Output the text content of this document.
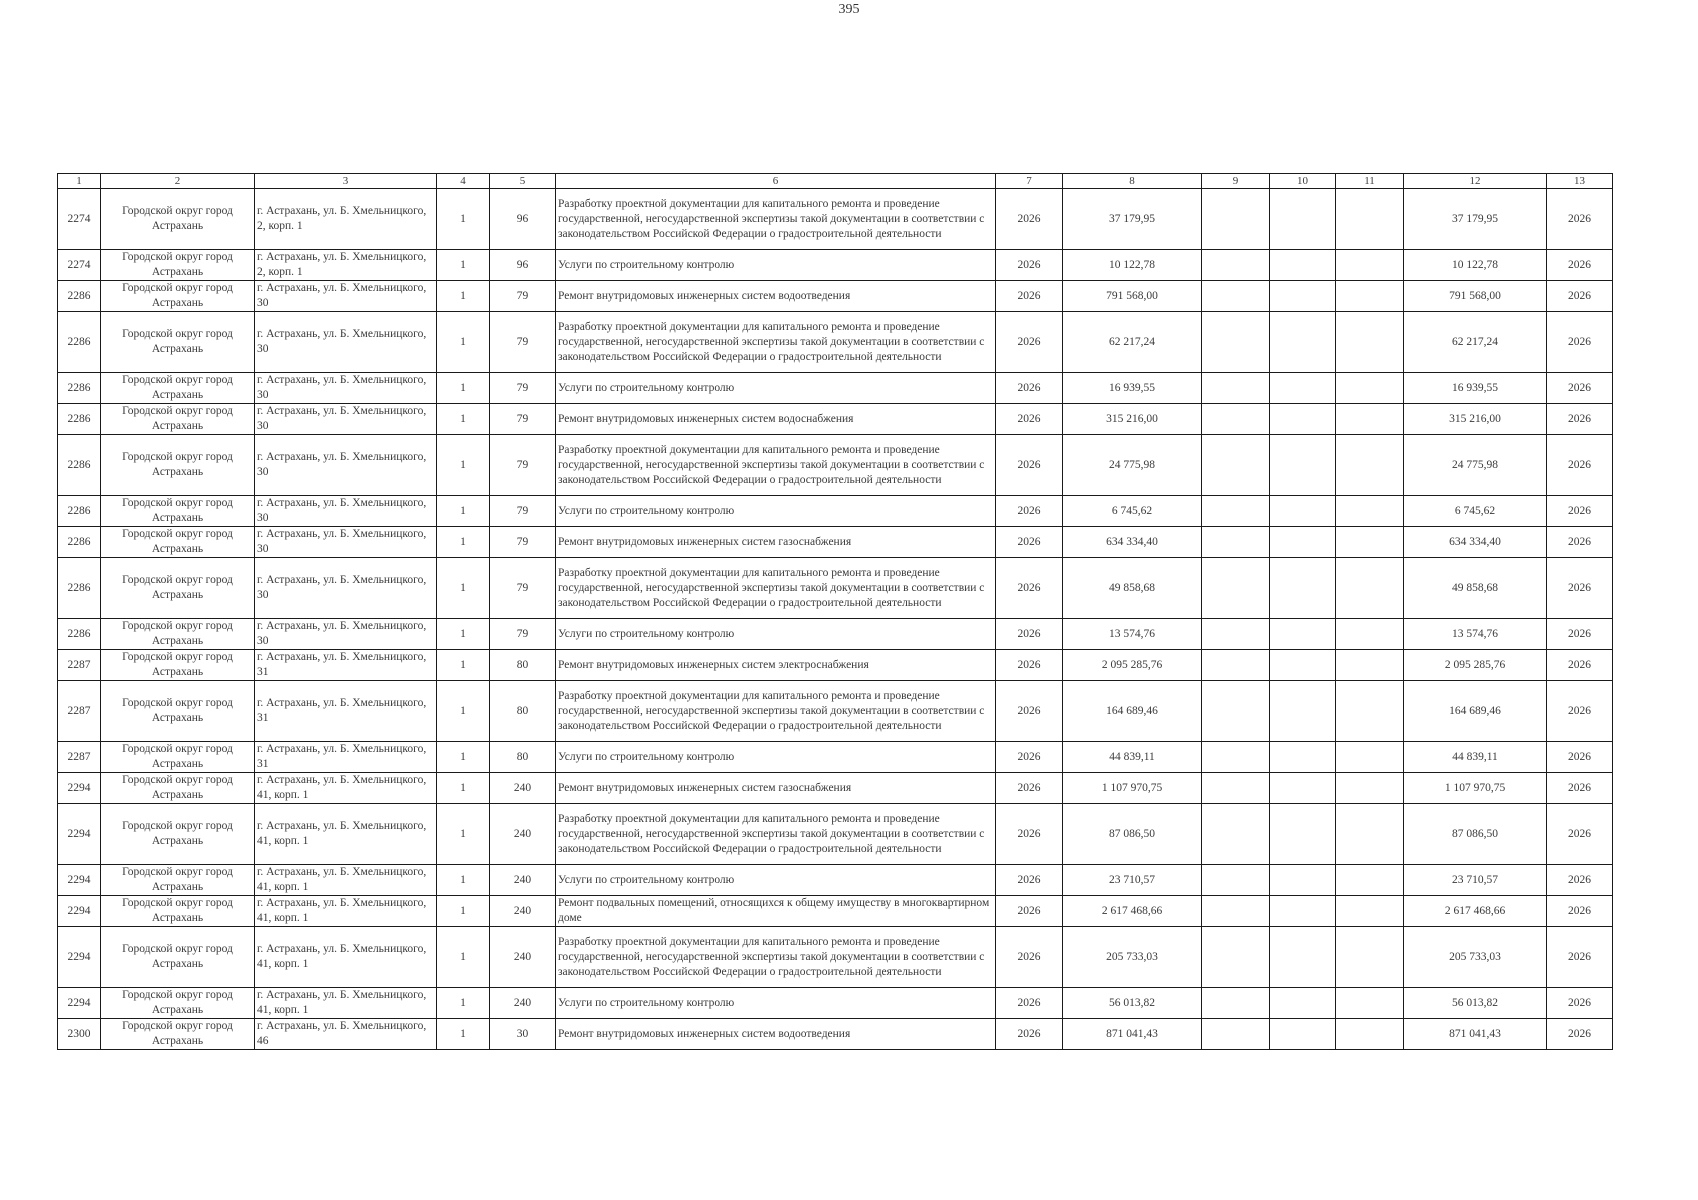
395
1	2	3	4	5	6	7	8	9	10	11	12	13
2274	Городской округ город Астрахань	г. Астрахань, ул. Б. Хмельницкого, 2, корп. 1	1	96	Разработку проектной документации для капитального ремонта и проведение государственной, негосударственной экспертизы такой документации в соответствии с законодательством Российской Федерации о градостроительной деятельности	2026	37 179,95				37 179,95	2026
2274	Городской округ город Астрахань	г. Астрахань, ул. Б. Хмельницкого, 2, корп. 1	1	96	Услуги по строительному контролю	2026	10 122,78				10 122,78	2026
2286	Городской округ город Астрахань	г. Астрахань, ул. Б. Хмельницкого, 30	1	79	Ремонт внутридомовых инженерных систем водоотведения	2026	791 568,00				791 568,00	2026
2286	Городской округ город Астрахань	г. Астрахань, ул. Б. Хмельницкого, 30	1	79	Разработку проектной документации для капитального ремонта и проведение государственной, негосударственной экспертизы такой документации в соответствии с законодательством Российской Федерации о градостроительной деятельности	2026	62 217,24				62 217,24	2026
2286	Городской округ город Астрахань	г. Астрахань, ул. Б. Хмельницкого, 30	1	79	Услуги по строительному контролю	2026	16 939,55				16 939,55	2026
2286	Городской округ город Астрахань	г. Астрахань, ул. Б. Хмельницкого, 30	1	79	Ремонт внутридомовых инженерных систем водоснабжения	2026	315 216,00				315 216,00	2026
2286	Городской округ город Астрахань	г. Астрахань, ул. Б. Хмельницкого, 30	1	79	Разработку проектной документации для капитального ремонта и проведение государственной, негосударственной экспертизы такой документации в соответствии с законодательством Российской Федерации о градостроительной деятельности	2026	24 775,98				24 775,98	2026
2286	Городской округ город Астрахань	г. Астрахань, ул. Б. Хмельницкого, 30	1	79	Услуги по строительному контролю	2026	6 745,62				6 745,62	2026
2286	Городской округ город Астрахань	г. Астрахань, ул. Б. Хмельницкого, 30	1	79	Ремонт внутридомовых инженерных систем газоснабжения	2026	634 334,40				634 334,40	2026
2286	Городской округ город Астрахань	г. Астрахань, ул. Б. Хмельницкого, 30	1	79	Разработку проектной документации для капитального ремонта и проведение государственной, негосударственной экспертизы такой документации в соответствии с законодательством Российской Федерации о градостроительной деятельности	2026	49 858,68				49 858,68	2026
2286	Городской округ город Астрахань	г. Астрахань, ул. Б. Хмельницкого, 30	1	79	Услуги по строительному контролю	2026	13 574,76				13 574,76	2026
2287	Городской округ город Астрахань	г. Астрахань, ул. Б. Хмельницкого, 31	1	80	Ремонт внутридомовых инженерных систем электроснабжения	2026	2 095 285,76				2 095 285,76	2026
2287	Городской округ город Астрахань	г. Астрахань, ул. Б. Хмельницкого, 31	1	80	Разработку проектной документации для капитального ремонта и проведение государственной, негосударственной экспертизы такой документации в соответствии с законодательством Российской Федерации о градостроительной деятельности	2026	164 689,46				164 689,46	2026
2287	Городской округ город Астрахань	г. Астрахань, ул. Б. Хмельницкого, 31	1	80	Услуги по строительному контролю	2026	44 839,11				44 839,11	2026
2294	Городской округ город Астрахань	г. Астрахань, ул. Б. Хмельницкого, 41, корп. 1	1	240	Ремонт внутридомовых инженерных систем газоснабжения	2026	1 107 970,75				1 107 970,75	2026
2294	Городской округ город Астрахань	г. Астрахань, ул. Б. Хмельницкого, 41, корп. 1	1	240	Разработку проектной документации для капитального ремонта и проведение государственной, негосударственной экспертизы такой документации в соответствии с законодательством Российской Федерации о градостроительной деятельности	2026	87 086,50				87 086,50	2026
2294	Городской округ город Астрахань	г. Астрахань, ул. Б. Хмельницкого, 41, корп. 1	1	240	Услуги по строительному контролю	2026	23 710,57				23 710,57	2026
2294	Городской округ город Астрахань	г. Астрахань, ул. Б. Хмельницкого, 41, корп. 1	1	240	Ремонт подвальных помещений, относящихся к общему имуществу в многоквартирном доме	2026	2 617 468,66				2 617 468,66	2026
2294	Городской округ город Астрахань	г. Астрахань, ул. Б. Хмельницкого, 41, корп. 1	1	240	Разработку проектной документации для капитального ремонта и проведение государственной, негосударственной экспертизы такой документации в соответствии с законодательством Российской Федерации о градостроительной деятельности	2026	205 733,03				205 733,03	2026
2294	Городской округ город Астрахань	г. Астрахань, ул. Б. Хмельницкого, 41, корп. 1	1	240	Услуги по строительному контролю	2026	56 013,82				56 013,82	2026
2300	Городской округ город Астрахань	г. Астрахань, ул. Б. Хмельницкого, 46	1	30	Ремонт внутридомовых инженерных систем водоотведения	2026	871 041,43				871 041,43	2026
